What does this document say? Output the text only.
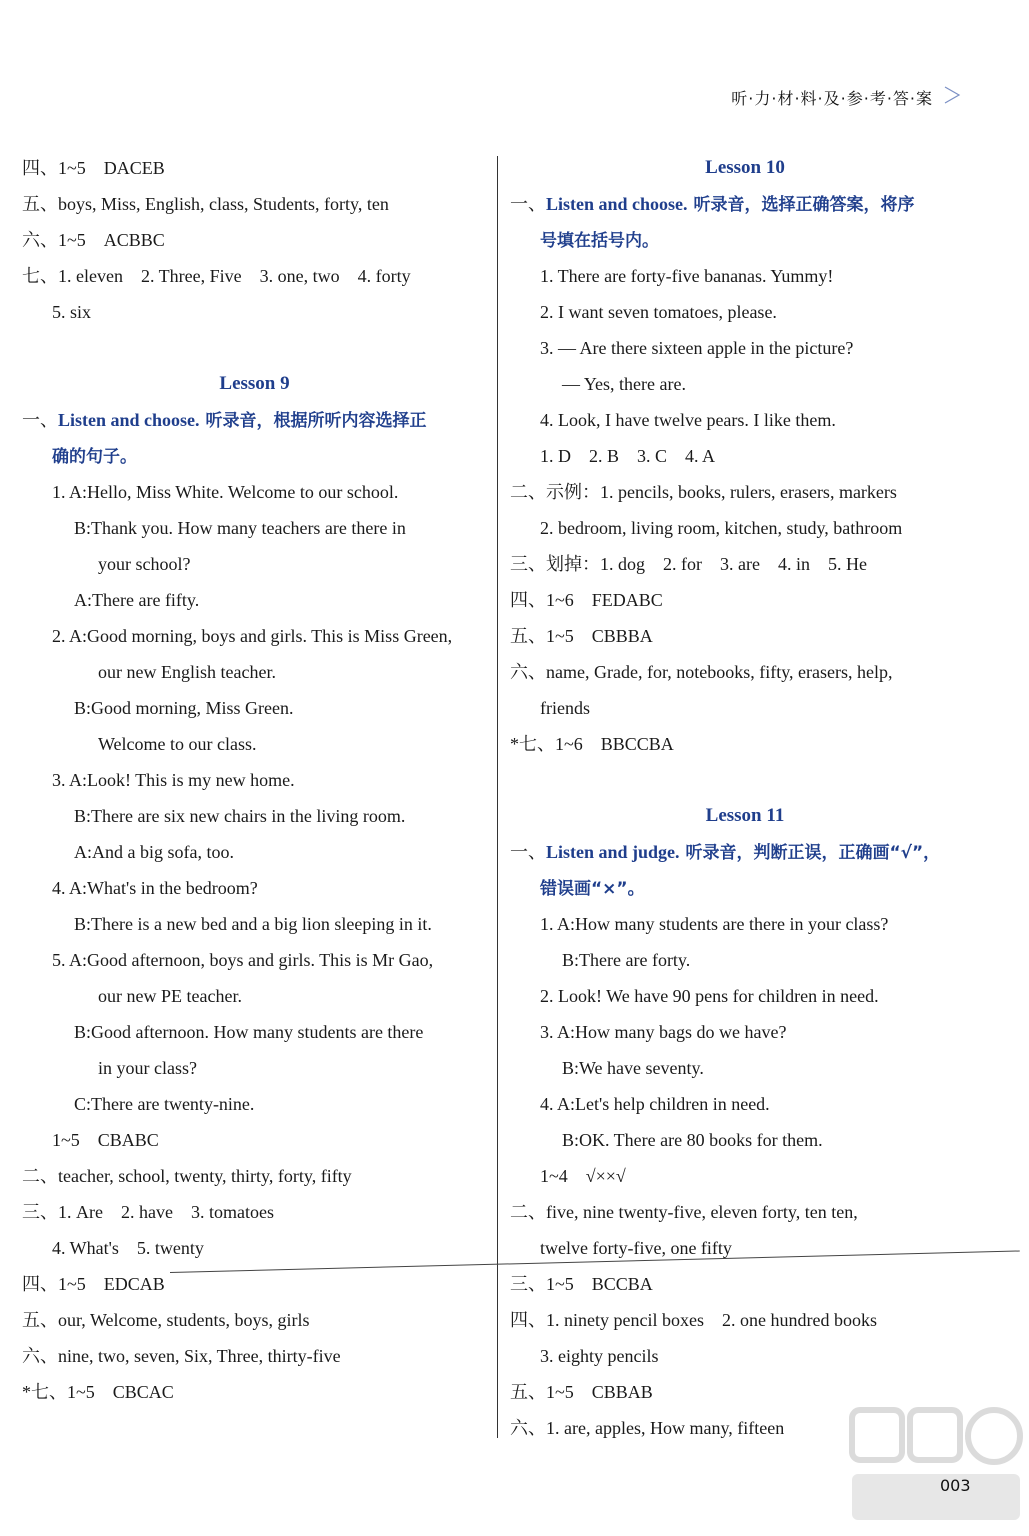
听·力·材·料·及·参·考·答·案
四、1~5　DACEB
五、boys, Miss, English, class, Students, forty, ten
六、1~5　ACBBC
七、1. eleven　2. Three, Five　3. one, two　4. forty
5. six
Lesson 9
一、Listen and choose. 听录音，根据所听内容选择正
确的句子。
1. A:Hello, Miss White. Welcome to our school.
B:Thank you. How many teachers are there in
your school?
A:There are fifty.
2. A:Good morning, boys and girls. This is Miss Green,
our new English teacher.
B:Good morning, Miss Green.
Welcome to our class.
3. A:Look! This is my new home.
B:There are six new chairs in the living room.
A:And a big sofa, too.
4. A:What's in the bedroom?
B:There is a new bed and a big lion sleeping in it.
5. A:Good afternoon, boys and girls. This is Mr Gao,
our new PE teacher.
B:Good afternoon. How many students are there
in your class?
C:There are twenty-nine.
1~5　CBABC
二、teacher, school, twenty, thirty, forty, fifty
三、1. Are　2. have　3. tomatoes
4. What's　5. twenty
四、1~5　EDCAB
五、our, Welcome, students, boys, girls
六、nine, two, seven, Six, Three, thirty-five
*七、1~5　CBCAC
Lesson 10
一、Listen and choose. 听录音，选择正确答案，将序
号填在括号内。
1. There are forty-five bananas. Yummy!
2. I want seven tomatoes, please.
3. — Are there sixteen apple in the picture?
— Yes, there are.
4. Look, I have twelve pears. I like them.
1. D　2. B　3. C　4. A
二、示例：1. pencils, books, rulers, erasers, markers
2. bedroom, living room, kitchen, study, bathroom
三、划掉：1. dog　2. for　3. are　4. in　5. He
四、1~6　FEDABC
五、1~5　CBBBA
六、name, Grade, for, notebooks, fifty, erasers, help,
friends
*七、1~6　BBCCBA
Lesson 11
一、Listen and judge. 听录音，判断正误，正确画“√”，
错误画“×”。
1. A:How many students are there in your class?
B:There are forty.
2. Look! We have 90 pens for children in need.
3. A:How many bags do we have?
B:We have seventy.
4. A:Let's help children in need.
B:OK. There are 80 books for them.
1~4　√××√
二、five, nine twenty-five, eleven forty, ten ten,
twelve forty-five, one fifty
三、1~5　BCCBA
四、1. ninety pencil boxes　2. one hundred books
3. eighty pencils
五、1~5　CBBAB
六、1. are, apples, How many, fifteen
003
